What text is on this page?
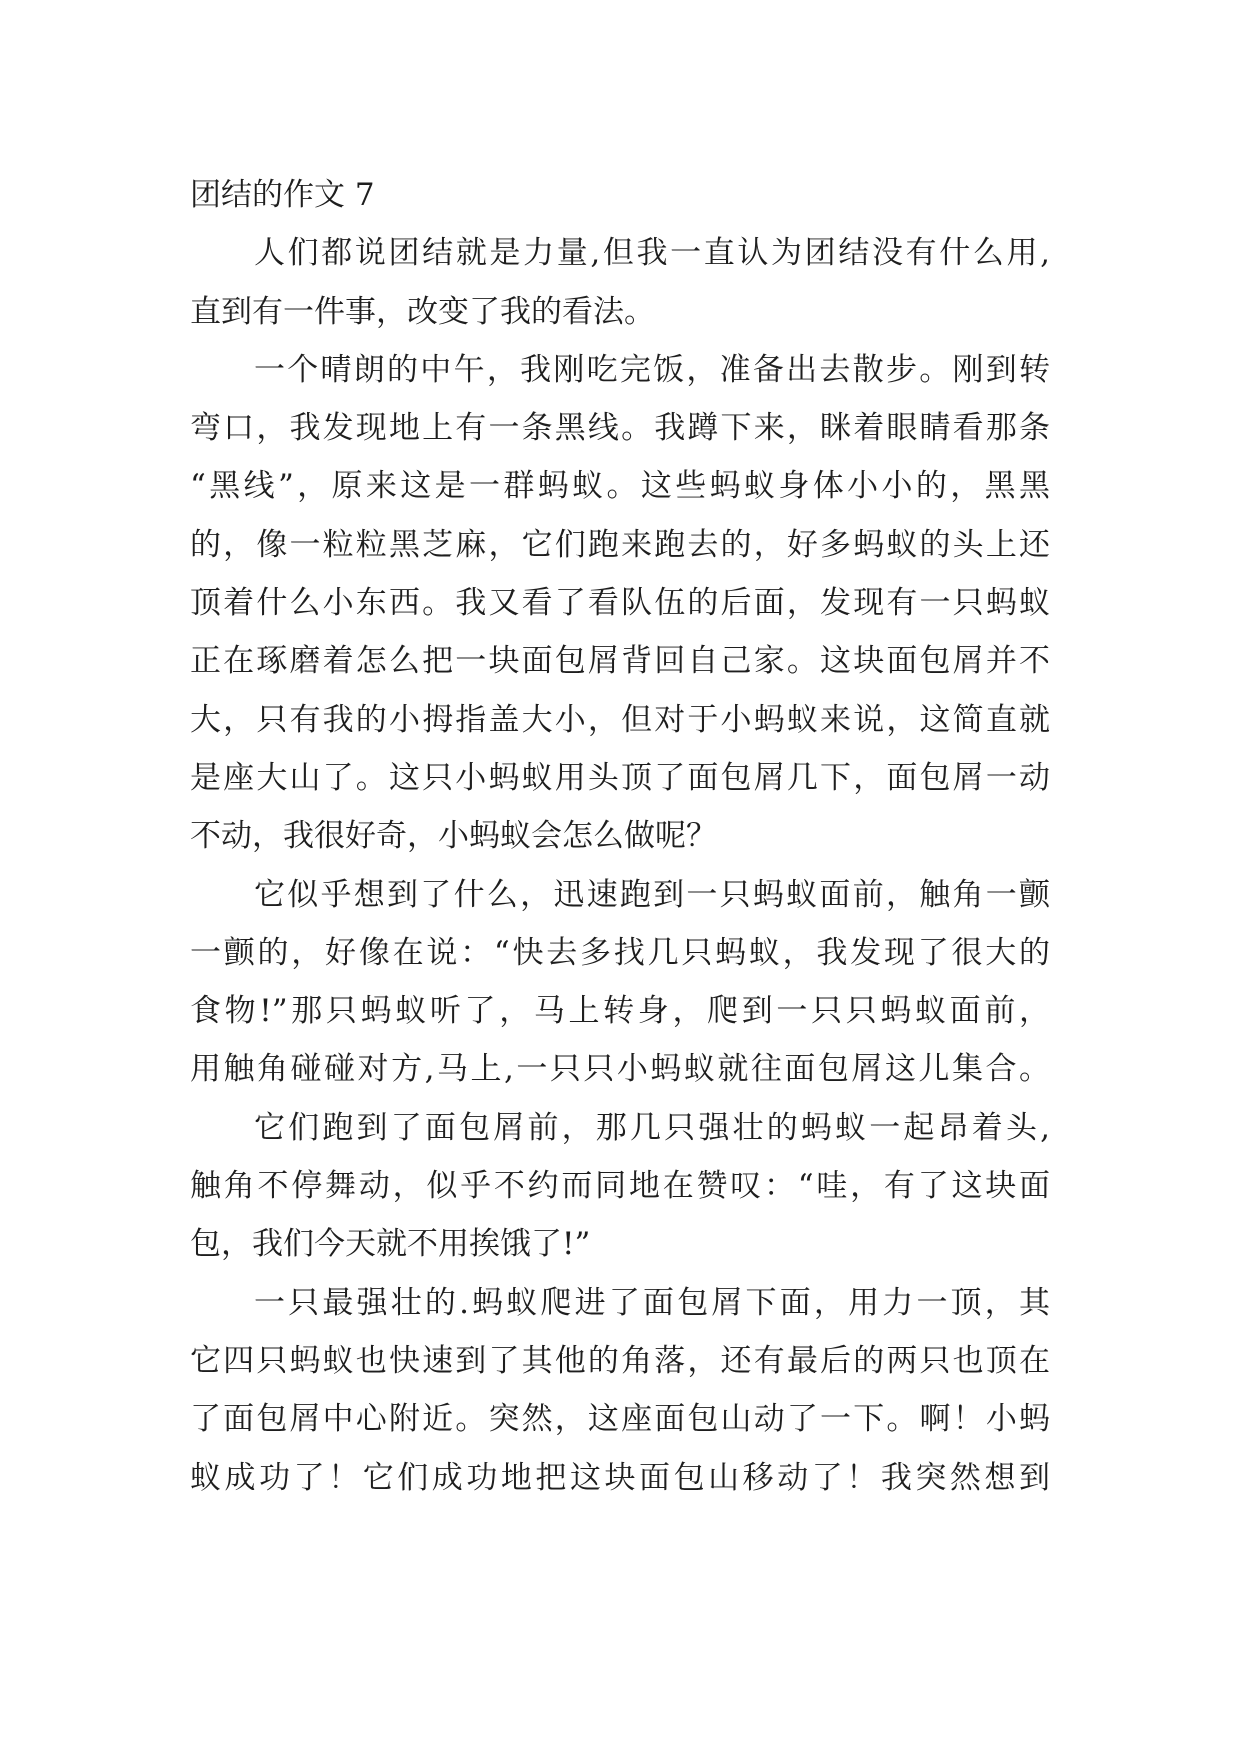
团结的作文 7
人们都说团结就是力量,但我一直认为团结没有什么用,
直到有一件事，改变了我的看法。
一个晴朗的中午，我刚吃完饭，准备出去散步。刚到转
弯口，我发现地上有一条黑线。我蹲下来，眯着眼睛看那条
“黑线”，原来这是一群蚂蚁。这些蚂蚁身体小小的，黑黑
的，像一粒粒黑芝麻，它们跑来跑去的，好多蚂蚁的头上还
顶着什么小东西。我又看了看队伍的后面，发现有一只蚂蚁
正在琢磨着怎么把一块面包屑背回自己家。这块面包屑并不
大，只有我的小拇指盖大小，但对于小蚂蚁来说，这简直就
是座大山了。这只小蚂蚁用头顶了面包屑几下，面包屑一动
不动，我很好奇，小蚂蚁会怎么做呢？
它似乎想到了什么，迅速跑到一只蚂蚁面前，触角一颤
一颤的，好像在说：“快去多找几只蚂蚁，我发现了很大的
食物!”那只蚂蚁听了，马上转身，爬到一只只蚂蚁面前，
用触角碰碰对方,马上,一只只小蚂蚁就往面包屑这儿集合。
它们跑到了面包屑前，那几只强壮的蚂蚁一起昂着头,
触角不停舞动，似乎不约而同地在赞叹：“哇，有了这块面
包，我们今天就不用挨饿了!”
一只最强壮的.蚂蚁爬进了面包屑下面，用力一顶，其
它四只蚂蚁也快速到了其他的角落，还有最后的两只也顶在
了面包屑中心附近。突然，这座面包山动了一下。啊！小蚂
蚁成功了！它们成功地把这块面包山移动了！我突然想到
